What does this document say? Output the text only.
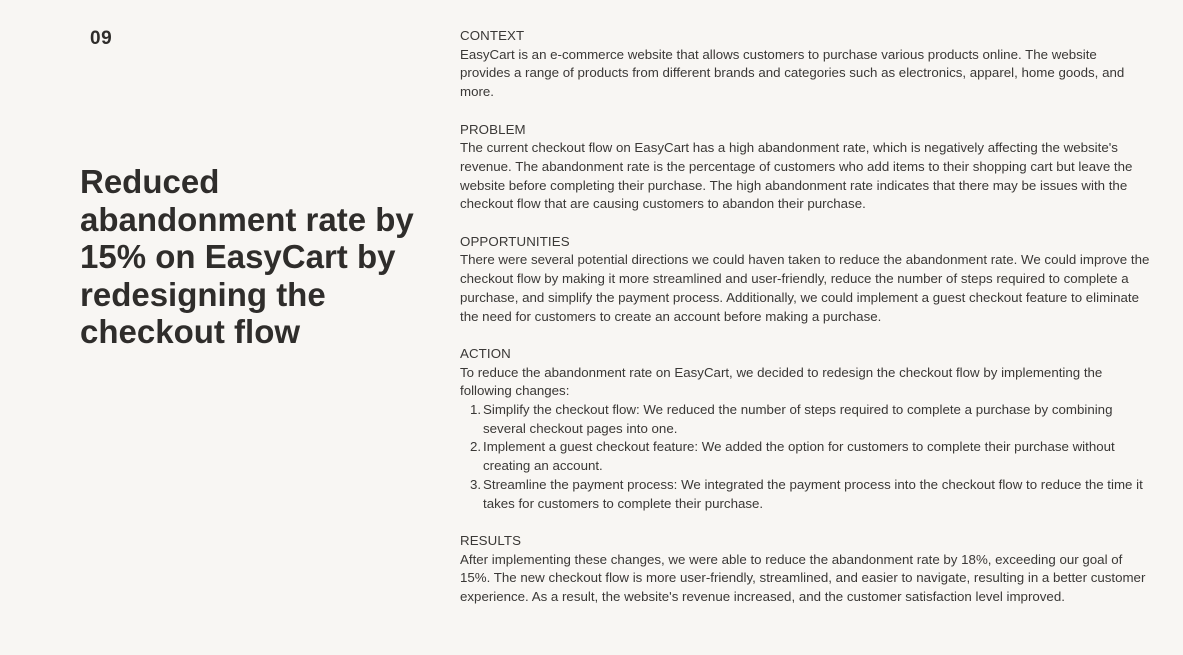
09
Reduced abandonment rate by 15% on EasyCart by redesigning the checkout flow

CONTEXT

EasyCart is an e-commerce website that allows customers to purchase various products online. The website provides a range of products from different brands and categories such as electronics, apparel, home goods, and more.

PROBLEM

The current checkout flow on EasyCart has a high abandonment rate, which is negatively affecting the website's revenue. The abandonment rate is the percentage of customers who add items to their shopping cart but leave the website before completing their purchase. The high abandonment rate indicates that there may be issues with the checkout flow that are causing customers to abandon their purchase.

OPPORTUNITIES

There were several potential directions we could haven taken to reduce the abandonment rate. We could improve the checkout flow by making it more streamlined and user-friendly, reduce the number of steps required to complete a purchase, and simplify the payment process. Additionally, we could implement a guest checkout feature to eliminate the need for customers to create an account before making a purchase.

ACTION

To reduce the abandonment rate on EasyCart, we decided to redesign the checkout flow by implementing the following changes:

1. Simplify the checkout flow: We reduced the number of steps required to complete a purchase by combining several checkout pages into one.
2. Implement a guest checkout feature: We added the option for customers to complete their purchase without creating an account.
3. Streamline the payment process: We integrated the payment process into the checkout flow to reduce the time it takes for customers to complete their purchase.

RESULTS

After implementing these changes, we were able to reduce the abandonment rate by 18%, exceeding our goal of 15%. The new checkout flow is more user-friendly, streamlined, and easier to navigate, resulting in a better customer experience. As a result, the website's revenue increased, and the customer satisfaction level improved.
